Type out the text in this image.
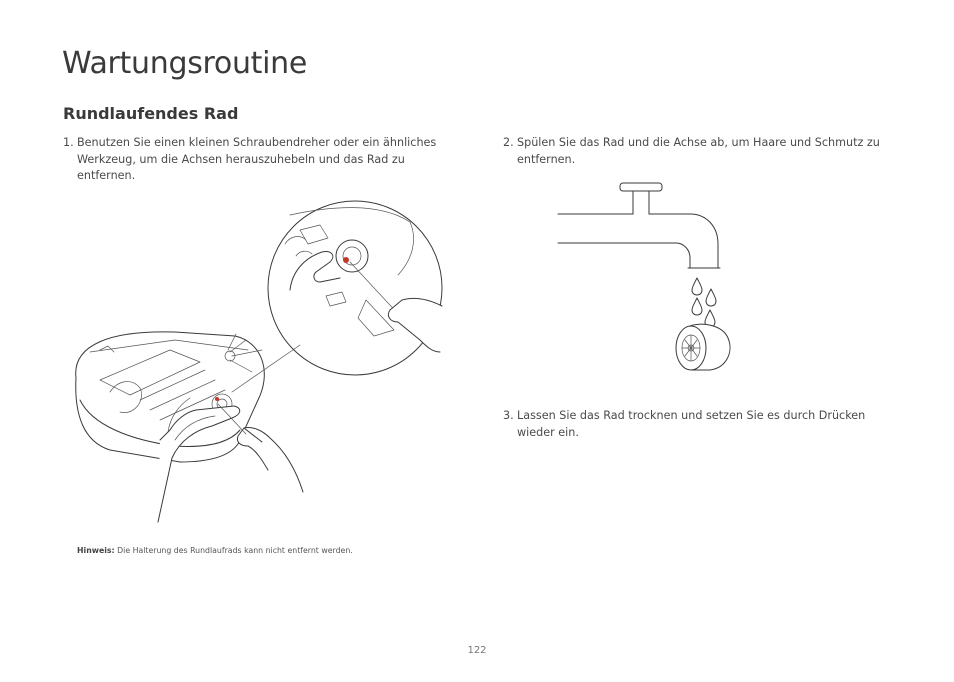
Wartungsroutine
Rundlaufendes Rad
1. Benutzen Sie einen kleinen Schraubendreher oder ein ähnliches Werkzeug, um die Achsen herauszuhebeln und das Rad zu entfernen.
2. Spülen Sie das Rad und die Achse ab, um Haare und Schmutz zu entfernen.
3. Lassen Sie das Rad trocknen und setzen Sie es durch Drücken wieder ein.
Hinweis: Die Halterung des Rundlaufrads kann nicht entfernt werden.
122
